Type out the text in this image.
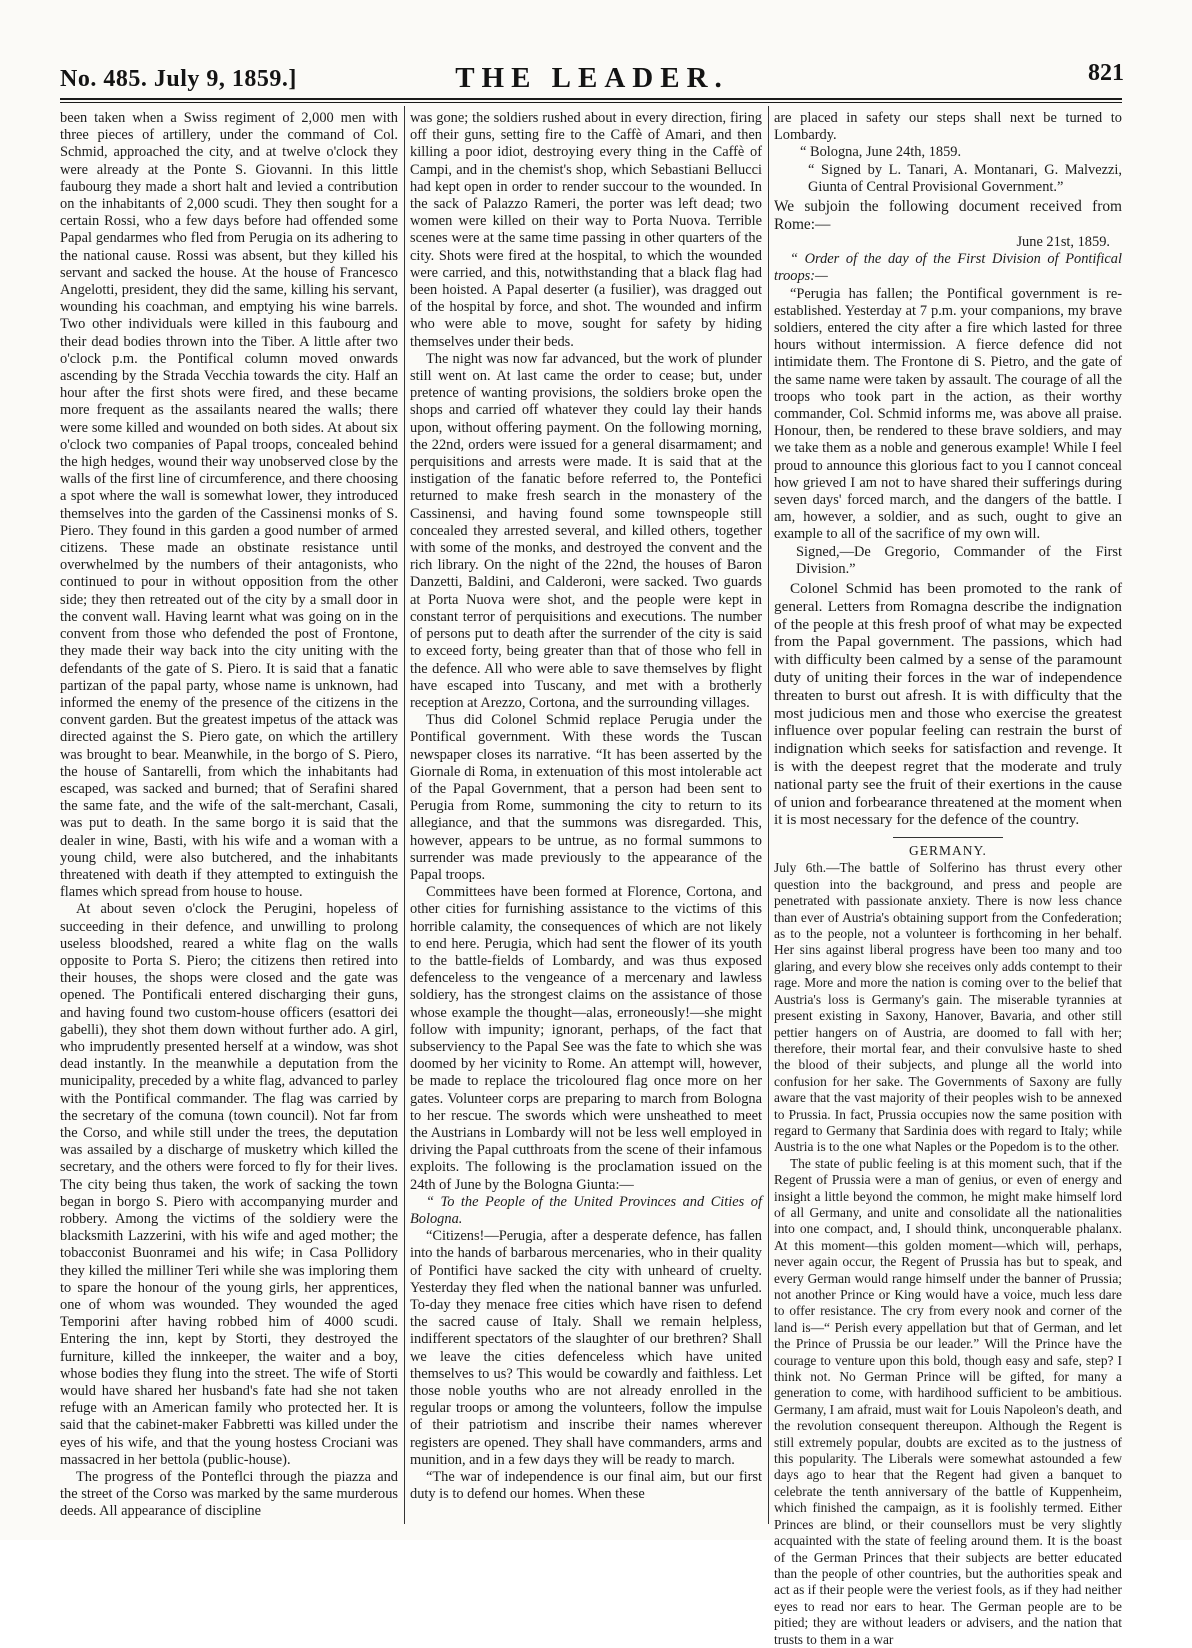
No. 485. July 9, 1859.]	THE LEADER.	821

been taken when a Swiss regiment of 2,000 men with three pieces of artillery, under the command of Col. Schmid, approached the city, and at twelve o'clock they were already at the Ponte S. Giovanni. In this little faubourg they made a short halt and levied a contribution on the inhabitants of 2,000 scudi. They then sought for a certain Rossi, who a few days before had offended some Papal gendarmes who fled from Perugia on its adhering to the national cause. Rossi was absent, but they killed his servant and sacked the house. At the house of Francesco Angelotti, president, they did the same, killing his servant, wounding his coachman, and emptying his wine barrels. Two other individuals were killed in this faubourg and their dead bodies thrown into the Tiber. A little after two o'clock p.m. the Pontifical column moved onwards ascending by the Strada Vecchia towards the city. Half an hour after the first shots were fired, and these became more frequent as the assailants neared the walls; there were some killed and wounded on both sides. At about six o'clock two companies of Papal troops, concealed behind the high hedges, wound their way unobserved close by the walls of the first line of circumference, and there choosing a spot where the wall is somewhat lower, they introduced themselves into the garden of the Cassinensi monks of S. Piero. They found in this garden a good number of armed citizens. These made an obstinate resistance until overwhelmed by the numbers of their antagonists, who continued to pour in without opposition from the other side; they then retreated out of the city by a small door in the convent wall. Having learnt what was going on in the convent from those who defended the post of Frontone, they made their way back into the city uniting with the defendants of the gate of S. Piero. It is said that a fanatic partizan of the papal party, whose name is unknown, had informed the enemy of the presence of the citizens in the convent garden. But the greatest impetus of the attack was directed against the S. Piero gate, on which the artillery was brought to bear. Meanwhile, in the borgo of S. Piero, the house of Santarelli, from which the inhabitants had escaped, was sacked and burned; that of Serafini shared the same fate, and the wife of the salt-merchant, Casali, was put to death. In the same borgo it is said that the dealer in wine, Basti, with his wife and a woman with a young child, were also butchered, and the inhabitants threatened with death if they attempted to extinguish the flames which spread from house to house.

At about seven o'clock the Perugini, hopeless of succeeding in their defence, and unwilling to prolong useless bloodshed, reared a white flag on the walls opposite to Porta S. Piero; the citizens then retired into their houses, the shops were closed and the gate was opened. The Pontificali entered discharging their guns, and having found two custom-house officers (esattori dei gabelli), they shot them down without further ado. A girl, who imprudently presented herself at a window, was shot dead instantly. In the meanwhile a deputation from the municipality, preceded by a white flag, advanced to parley with the Pontifical commander. The flag was carried by the secretary of the comuna (town council). Not far from the Corso, and while still under the trees, the deputation was assailed by a discharge of musketry which killed the secretary, and the others were forced to fly for their lives. The city being thus taken, the work of sacking the town began in borgo S. Piero with accompanying murder and robbery. Among the victims of the soldiery were the blacksmith Lazzerini, with his wife and aged mother; the tobacconist Buonramei and his wife; in Casa Pollidory they killed the milliner Teri while she was imploring them to spare the honour of the young girls, her apprentices, one of whom was wounded. They wounded the aged Temporini after having robbed him of 4000 scudi. Entering the inn, kept by Storti, they destroyed the furniture, killed the innkeeper, the waiter and a boy, whose bodies they flung into the street. The wife of Storti would have shared her husband's fate had she not taken refuge with an American family who protected her. It is said that the cabinet-maker Fabbretti was killed under the eyes of his wife, and that the young hostess Crociani was massacred in her bettola (public-house).

The progress of the Ponteflci through the piazza and the street of the Corso was marked by the same murderous deeds. All appearance of discipline

was gone; the soldiers rushed about in every direction, firing off their guns, setting fire to the Caffè of Amari, and then killing a poor idiot, destroying every thing in the Caffè of Campi, and in the chemist's shop, which Sebastiani Bellucci had kept open in order to render succour to the wounded. In the sack of Palazzo Rameri, the porter was left dead; two women were killed on their way to Porta Nuova. Terrible scenes were at the same time passing in other quarters of the city. Shots were fired at the hospital, to which the wounded were carried, and this, notwithstanding that a black flag had been hoisted. A Papal deserter (a fusilier), was dragged out of the hospital by force, and shot. The wounded and infirm who were able to move, sought for safety by hiding themselves under their beds.

The night was now far advanced, but the work of plunder still went on. At last came the order to cease; but, under pretence of wanting provisions, the soldiers broke open the shops and carried off whatever they could lay their hands upon, without offering payment. On the following morning, the 22nd, orders were issued for a general disarmament; and perquisitions and arrests were made. It is said that at the instigation of the fanatic before referred to, the Pontefici returned to make fresh search in the monastery of the Cassinensi, and having found some townspeople still concealed they arrested several, and killed others, together with some of the monks, and destroyed the convent and the rich library. On the night of the 22nd, the houses of Baron Danzetti, Baldini, and Calderoni, were sacked. Two guards at Porta Nuova were shot, and the people were kept in constant terror of perquisitions and executions. The number of persons put to death after the surrender of the city is said to exceed forty, being greater than that of those who fell in the defence. All who were able to save themselves by flight have escaped into Tuscany, and met with a brotherly reception at Arezzo, Cortona, and the surrounding villages.

Thus did Colonel Schmid replace Perugia under the Pontifical government. With these words the Tuscan newspaper closes its narrative. “It has been asserted by the Giornale di Roma, in extenuation of this most intolerable act of the Papal Government, that a person had been sent to Perugia from Rome, summoning the city to return to its allegiance, and that the summons was disregarded. This, however, appears to be untrue, as no formal summons to surrender was made previously to the appearance of the Papal troops.

Committees have been formed at Florence, Cortona, and other cities for furnishing assistance to the victims of this horrible calamity, the consequences of which are not likely to end here. Perugia, which had sent the flower of its youth to the battle-fields of Lombardy, and was thus exposed defenceless to the vengeance of a mercenary and lawless soldiery, has the strongest claims on the assistance of those whose example the thought—alas, erroneously!—she might follow with impunity; ignorant, perhaps, of the fact that subserviency to the Papal See was the fate to which she was doomed by her vicinity to Rome. An attempt will, however, be made to replace the tricoloured flag once more on her gates. Volunteer corps are preparing to march from Bologna to her rescue. The swords which were unsheathed to meet the Austrians in Lombardy will not be less well employed in driving the Papal cutthroats from the scene of their infamous exploits. The following is the proclamation issued on the 24th of June by the Bologna Giunta:—

“ To the People of the United Provinces and Cities of Bologna.

“Citizens!—Perugia, after a desperate defence, has fallen into the hands of barbarous mercenaries, who in their quality of Pontifici have sacked the city with unheard of cruelty. Yesterday they fled when the national banner was unfurled. To-day they menace free cities which have risen to defend the sacred cause of Italy. Shall we remain helpless, indifferent spectators of the slaughter of our brethren? Shall we leave the cities defenceless which have united themselves to us? This would be cowardly and faithless. Let those noble youths who are not already enrolled in the regular troops or among the volunteers, follow the impulse of their patriotism and inscribe their names wherever registers are opened. They shall have commanders, arms and munition, and in a few days they will be ready to march.

“The war of independence is our final aim, but our first duty is to defend our homes. When these

are placed in safety our steps shall next be turned to Lombardy.

“ Bologna, June 24th, 1859.

“ Signed by L. Tanari, A. Montanari, G. Malvezzi, Giunta of Central Provisional Government.”

We subjoin the following document received from Rome:—

June 21st, 1859.

“ Order of the day of the First Division of Pontifical troops:—

“Perugia has fallen; the Pontifical government is re-established. Yesterday at 7 p.m. your companions, my brave soldiers, entered the city after a fire which lasted for three hours without intermission. A fierce defence did not intimidate them. The Frontone di S. Pietro, and the gate of the same name were taken by assault. The courage of all the troops who took part in the action, as their worthy commander, Col. Schmid informs me, was above all praise. Honour, then, be rendered to these brave soldiers, and may we take them as a noble and generous example! While I feel proud to announce this glorious fact to you I cannot conceal how grieved I am not to have shared their sufferings during seven days' forced march, and the dangers of the battle. I am, however, a soldier, and as such, ought to give an example to all of the sacrifice of my own will.

Signed,—De Gregorio, Commander of the First Division.”

Colonel Schmid has been promoted to the rank of general. Letters from Romagna describe the indignation of the people at this fresh proof of what may be expected from the Papal government. The passions, which had with difficulty been calmed by a sense of the paramount duty of uniting their forces in the war of independence threaten to burst out afresh. It is with difficulty that the most judicious men and those who exercise the greatest influence over popular feeling can restrain the burst of indignation which seeks for satisfaction and revenge. It is with the deepest regret that the moderate and truly national party see the fruit of their exertions in the cause of union and forbearance threatened at the moment when it is most necessary for the defence of the country.

GERMANY.

July 6th.—The battle of Solferino has thrust every other question into the background, and press and people are penetrated with passionate anxiety. There is now less chance than ever of Austria's obtaining support from the Confederation; as to the people, not a volunteer is forthcoming in her behalf. Her sins against liberal progress have been too many and too glaring, and every blow she receives only adds contempt to their rage. More and more the nation is coming over to the belief that Austria's loss is Germany's gain. The miserable tyrannies at present existing in Saxony, Hanover, Bavaria, and other still pettier hangers on of Austria, are doomed to fall with her; therefore, their mortal fear, and their convulsive haste to shed the blood of their subjects, and plunge all the world into confusion for her sake. The Governments of Saxony are fully aware that the vast majority of their peoples wish to be annexed to Prussia. In fact, Prussia occupies now the same position with regard to Germany that Sardinia does with regard to Italy; while Austria is to the one what Naples or the Popedom is to the other.

The state of public feeling is at this moment such, that if the Regent of Prussia were a man of genius, or even of energy and insight a little beyond the common, he might make himself lord of all Germany, and unite and consolidate all the nationalities into one compact, and, I should think, unconquerable phalanx. At this moment—this golden moment—which will, perhaps, never again occur, the Regent of Prussia has but to speak, and every German would range himself under the banner of Prussia; not another Prince or King would have a voice, much less dare to offer resistance. The cry from every nook and corner of the land is—“ Perish every appellation but that of German, and let the Prince of Prussia be our leader.” Will the Prince have the courage to venture upon this bold, though easy and safe, step? I think not. No German Prince will be gifted, for many a generation to come, with hardihood sufficient to be ambitious. Germany, I am afraid, must wait for Louis Napoleon's death, and the revolution consequent thereupon. Although the Regent is still extremely popular, doubts are excited as to the justness of this popularity. The Liberals were somewhat astounded a few days ago to hear that the Regent had given a banquet to celebrate the tenth anniversary of the battle of Kuppenheim, which finished the campaign, as it is foolishly termed. Either Princes are blind, or their counsellors must be very slightly acquainted with the state of feeling around them. It is the boast of the German Princes that their subjects are better educated than the people of other countries, but the authorities speak and act as if their people were the veriest fools, as if they had neither eyes to read nor ears to hear. The German people are to be pitied; they are without leaders or advisers, and the nation that trusts to them in a war
